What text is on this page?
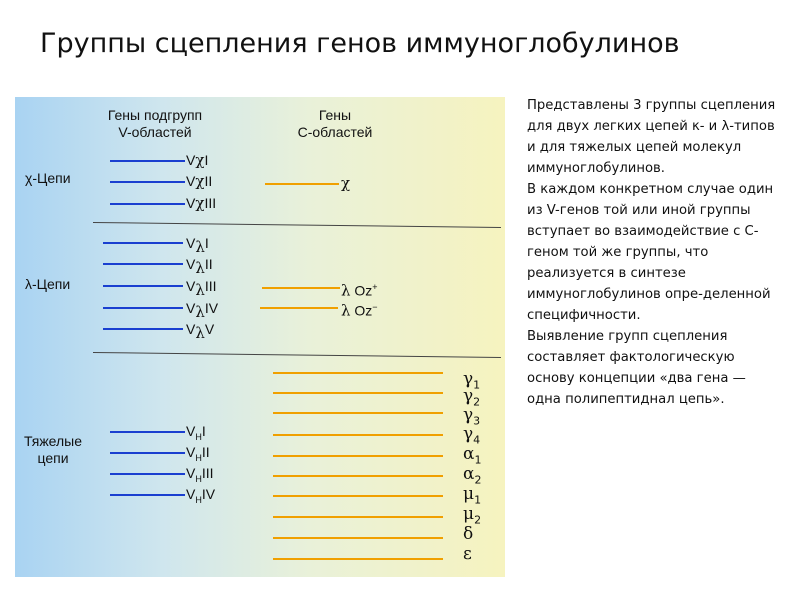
Группы сцепления генов иммуноглобулинов
Гены подгрупп
V-областей
Гены
С-областей
χ-Цепи
λ-Цепи
Тяжелые
цепи
VχI
VχII
VχIII
χ
$V_\lambda I$
$V_\lambda II$
$V_\lambda III$
$V_\lambda IV$
$V_\lambda V$
λ Oz+
λ Oz−
$V_HI$
$V_HII$
$V_HIII$
$V_HIV$
$\gamma_1$
$\gamma_2$
$\gamma_3$
$\gamma_4$
$\alpha_1$
$\alpha_2$
$\mu_1$
$\mu_2$
δ
ε

Представлены 3 группы сцепления для двух легких цепей κ- и λ-типов и для тяжелых цепей молекул иммуноглобулинов.

В каждом конкретном случае один из V-генов той или иной группы вступает во взаимодействие с С-геном той же группы, что реализуется в синтезе иммуноглобулинов опре-деленной специфичности.

Выявление групп сцепления составляет фактологическую основу концепции «два гена — одна полипептиднал цепь».
